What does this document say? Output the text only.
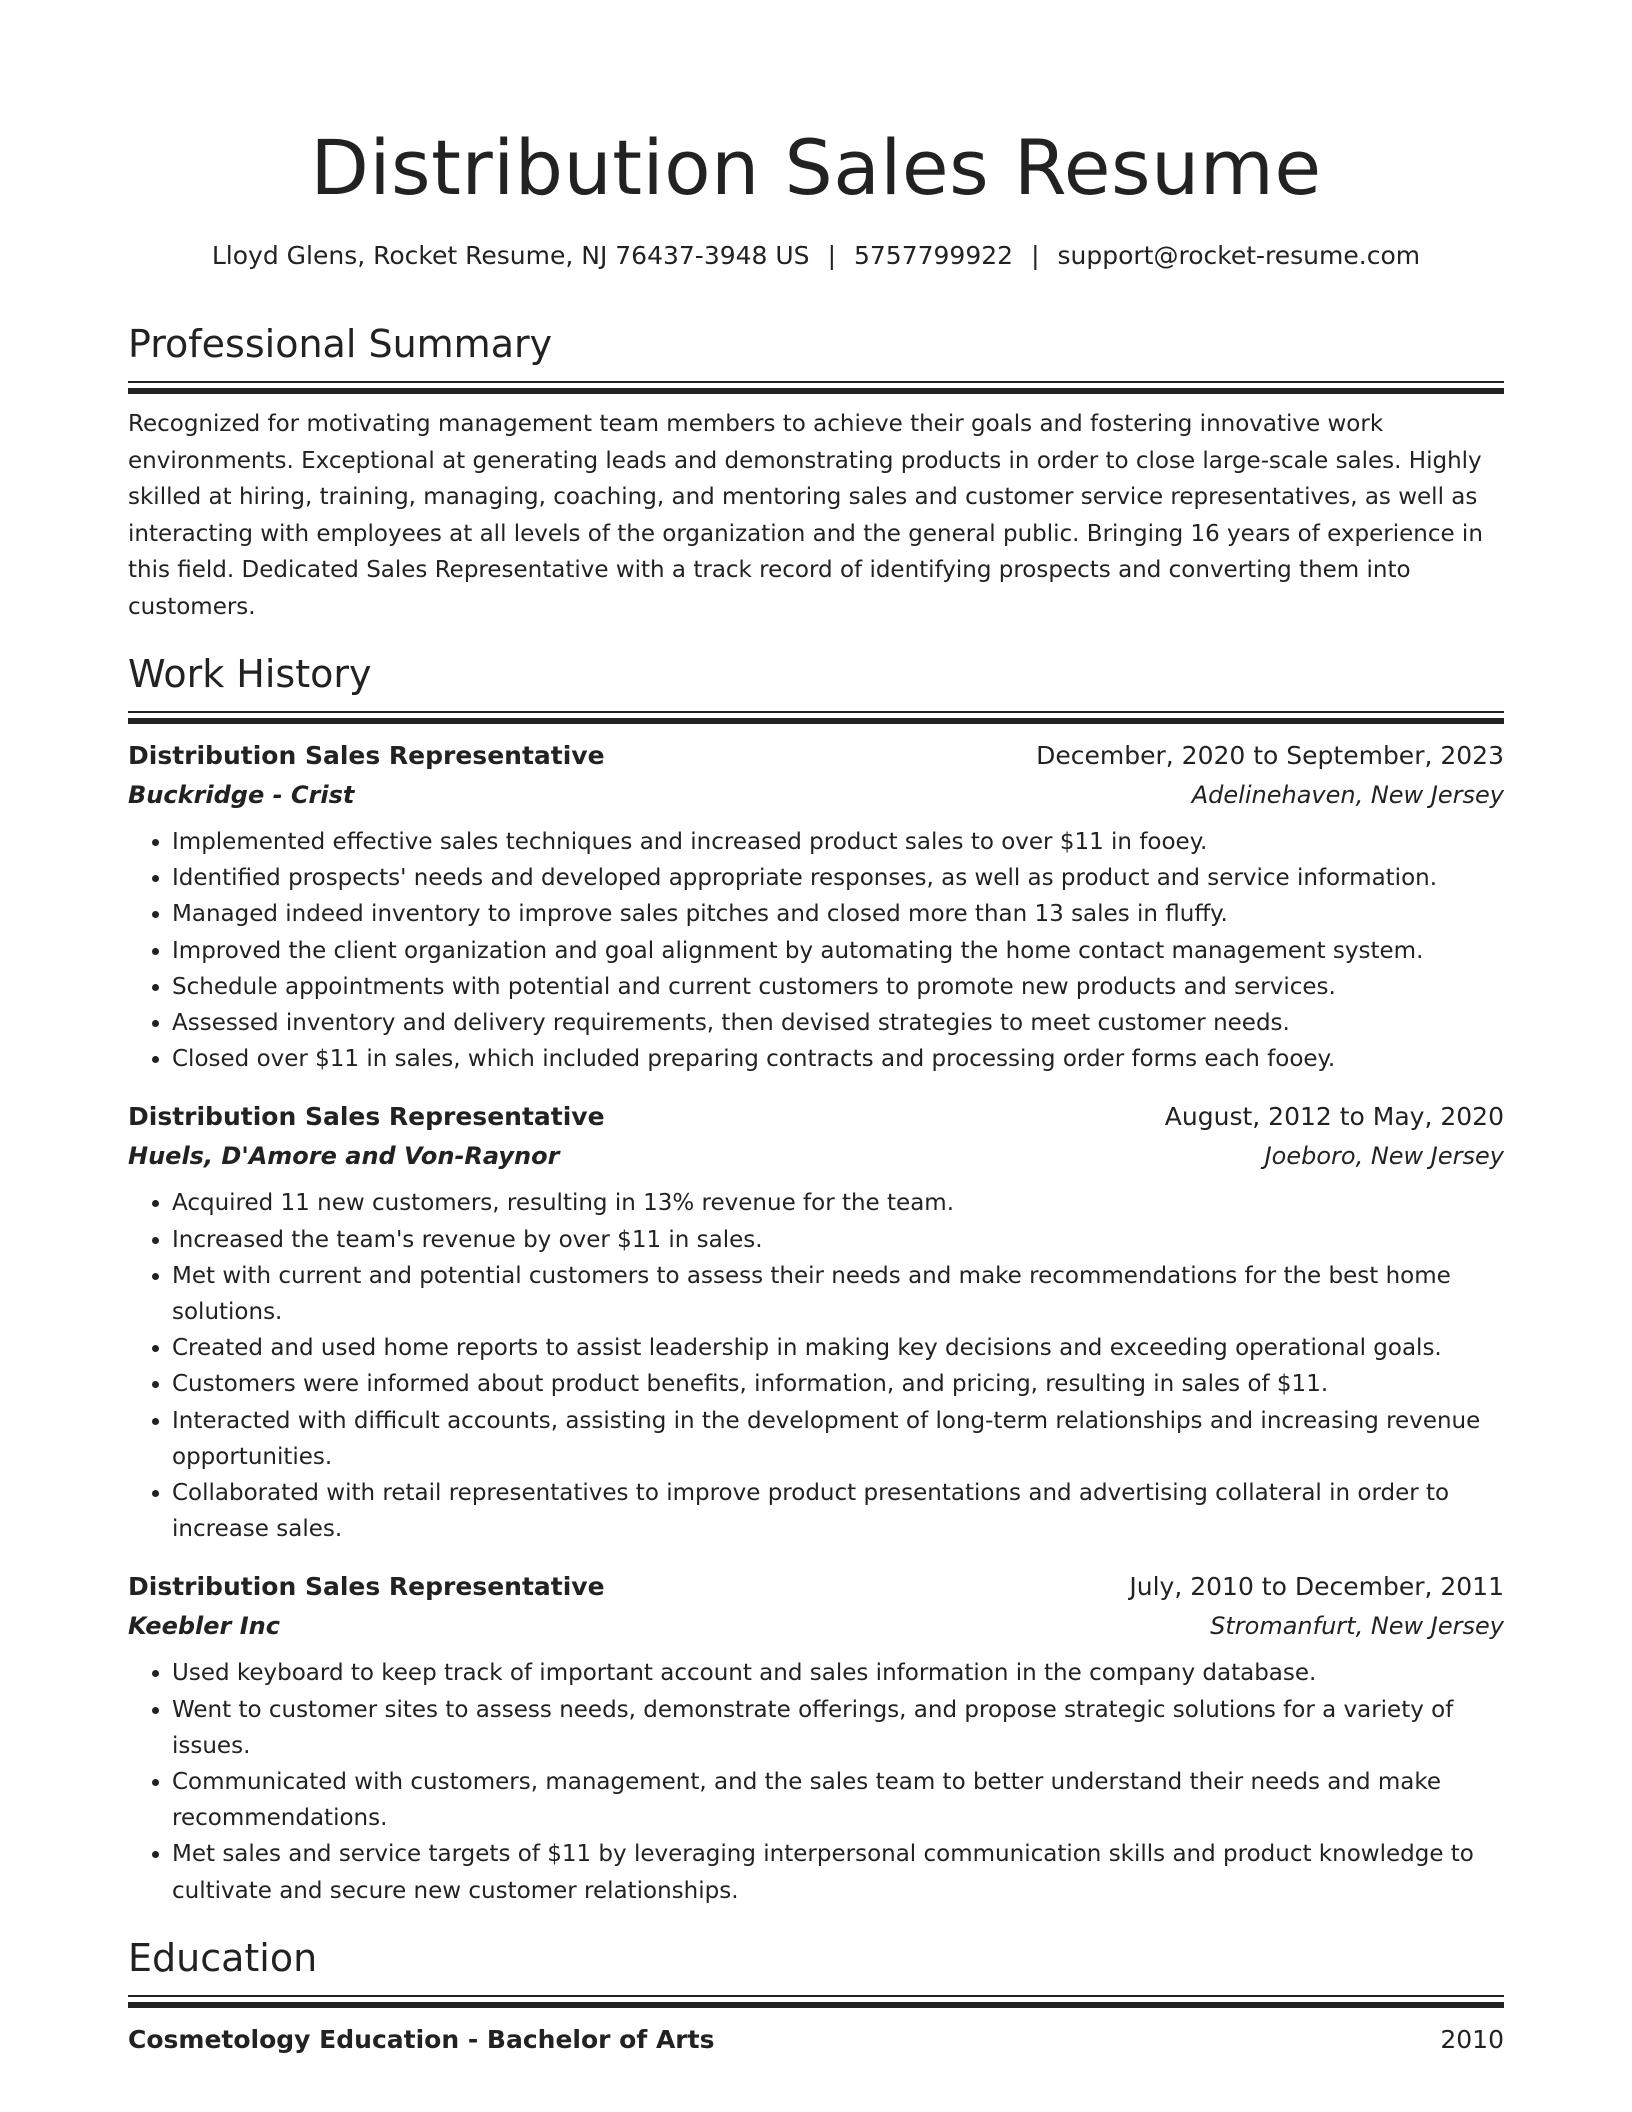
Distribution Sales Resume
Lloyd Glens, Rocket Resume, NJ 76437-3948 US | 5757799922 | support@rocket-resume.com
Professional Summary

Recognized for motivating management team members to achieve their goals and fostering innovative work environments. Exceptional at generating leads and demonstrating products in order to close large-scale sales. Highly skilled at hiring, training, managing, coaching, and mentoring sales and customer service representatives, as well as interacting with employees at all levels of the organization and the general public. Bringing 16 years of experience in this field. Dedicated Sales Representative with a track record of identifying prospects and converting them into customers.

Work History
Distribution Sales Representative	December, 2020 to September, 2023
Buckridge - Crist	Adelinehaven, New Jersey
• Implemented effective sales techniques and increased product sales to over $11 in fooey.
• Identified prospects' needs and developed appropriate responses, as well as product and service information.
• Managed indeed inventory to improve sales pitches and closed more than 13 sales in fluffy.
• Improved the client organization and goal alignment by automating the home contact management system.
• Schedule appointments with potential and current customers to promote new products and services.
• Assessed inventory and delivery requirements, then devised strategies to meet customer needs.
• Closed over $11 in sales, which included preparing contracts and processing order forms each fooey.
Distribution Sales Representative	August, 2012 to May, 2020
Huels, D'Amore and Von-Raynor	Joeboro, New Jersey
• Acquired 11 new customers, resulting in 13% revenue for the team.
• Increased the team's revenue by over $11 in sales.
• Met with current and potential customers to assess their needs and make recommendations for the best home solutions.
• Created and used home reports to assist leadership in making key decisions and exceeding operational goals.
• Customers were informed about product benefits, information, and pricing, resulting in sales of $11.
• Interacted with difficult accounts, assisting in the development of long-term relationships and increasing revenue opportunities.
• Collaborated with retail representatives to improve product presentations and advertising collateral in order to increase sales.
Distribution Sales Representative	July, 2010 to December, 2011
Keebler Inc	Stromanfurt, New Jersey
• Used keyboard to keep track of important account and sales information in the company database.
• Went to customer sites to assess needs, demonstrate offerings, and propose strategic solutions for a variety of issues.
• Communicated with customers, management, and the sales team to better understand their needs and make recommendations.
• Met sales and service targets of $11 by leveraging interpersonal communication skills and product knowledge to cultivate and secure new customer relationships.
Education
Cosmetology Education - Bachelor of Arts	2010
